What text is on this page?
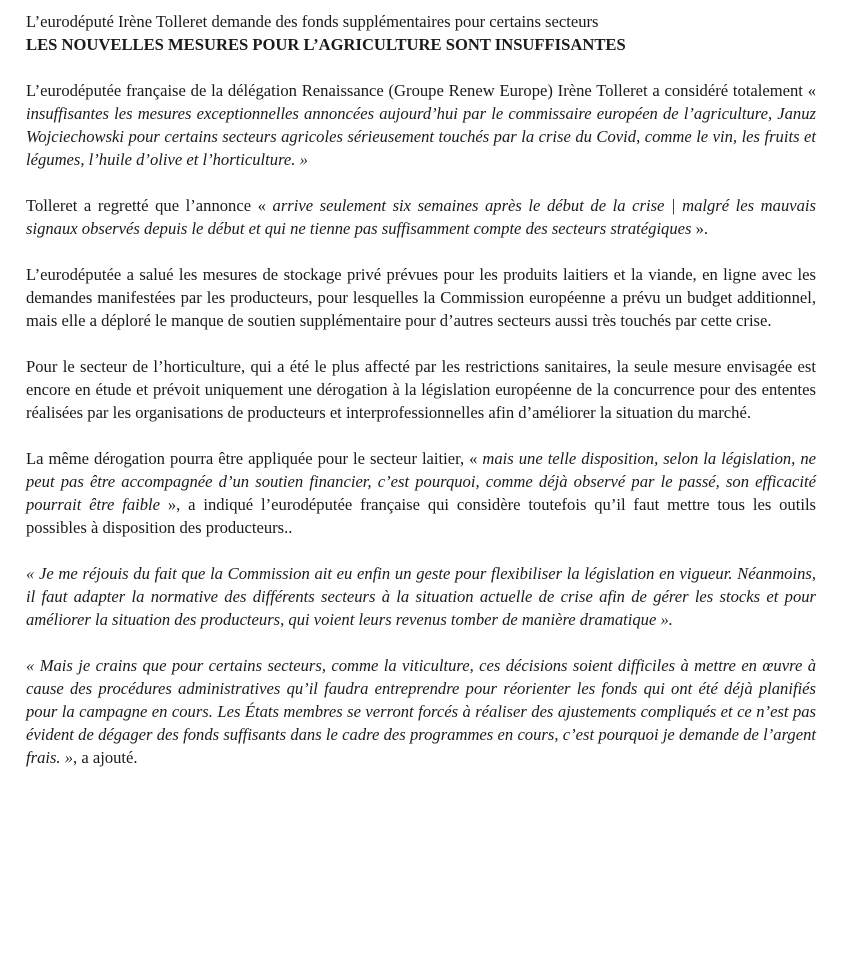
L’eurodéputé Irène Tolleret demande des fonds supplémentaires pour certains secteurs
LES NOUVELLES MESURES POUR L’AGRICULTURE SONT INSUFFISANTES

L’eurodéputée française de la délégation Renaissance (Groupe Renew Europe) Irène Tolleret a considéré totalement « insuffisantes les mesures exceptionnelles annoncées aujourd’hui par le commissaire européen de l’agriculture, Januz Wojciechowski pour certains secteurs agricoles sérieusement touchés par la crise du Covid, comme le vin, les fruits et légumes, l’huile d’olive et l’horticulture. »

Tolleret a regretté que l’annonce « arrive seulement six semaines après le début de la crise | malgré les mauvais signaux observés depuis le début et qui ne tienne pas suffisamment compte des secteurs stratégiques ».

L’eurodéputée a salué les mesures de stockage privé prévues pour les produits laitiers et la viande, en ligne avec les demandes manifestées par les producteurs, pour lesquelles la Commission européenne a prévu un budget additionnel, mais elle a déploré le manque de soutien supplémentaire pour d’autres secteurs aussi très touchés par cette crise.

Pour le secteur de l’horticulture, qui a été le plus affecté par les restrictions sanitaires, la seule mesure envisagée est encore en étude et prévoit uniquement une dérogation à la législation européenne de la concurrence pour des ententes réalisées par les organisations de producteurs et interprofessionnelles afin d’améliorer la situation du marché.

La même dérogation pourra être appliquée pour le secteur laitier, « mais une telle disposition, selon la législation, ne peut pas être accompagnée d’un soutien financier, c’est pourquoi, comme déjà observé par le passé, son efficacité pourrait être faible », a indiqué l’eurodéputée française qui considère toutefois qu’il faut mettre tous les outils possibles à disposition des producteurs..

« Je me réjouis du fait que la Commission ait eu enfin un geste pour flexibiliser la législation en vigueur. Néanmoins, il faut adapter la normative des différents secteurs à la situation actuelle de crise afin de gérer les stocks et pour améliorer la situation des producteurs, qui voient leurs revenus tomber de manière dramatique ».

« Mais je crains que pour certains secteurs, comme la viticulture, ces décisions soient difficiles à mettre en œuvre à cause des procédures administratives qu’il faudra entreprendre pour réorienter les fonds qui ont été déjà planifiés pour la campagne en cours. Les États membres se verront forcés à réaliser des ajustements compliqués et ce n’est pas évident de dégager des fonds suffisants dans le cadre des programmes en cours, c’est pourquoi je demande de l’argent frais. », a ajouté.
